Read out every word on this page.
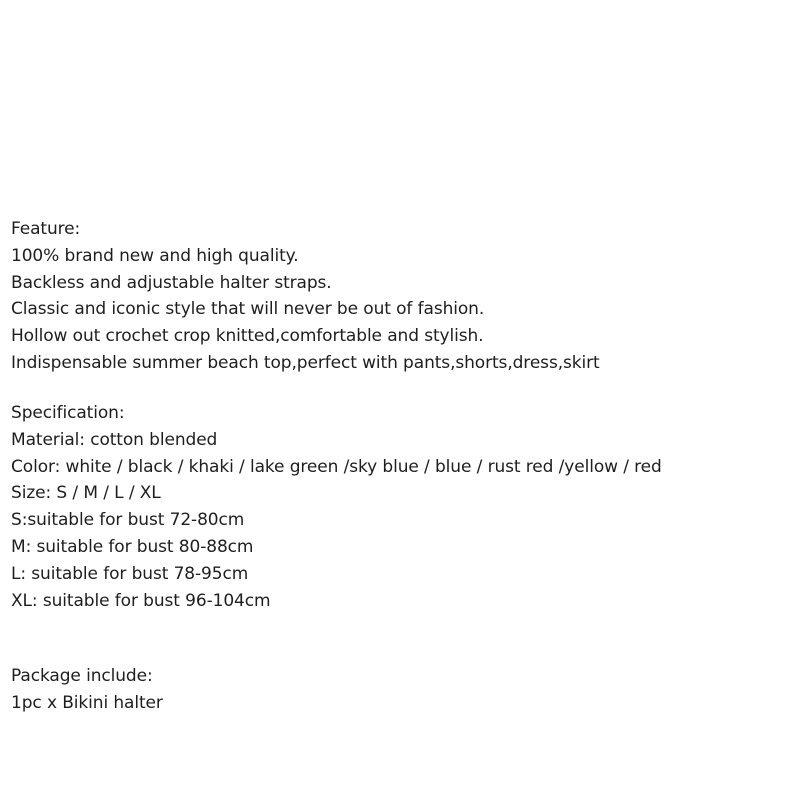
Feature:
100% brand new and high quality.
Backless and adjustable halter straps.
Classic and iconic style that will never be out of fashion.
Hollow out crochet crop knitted,comfortable and stylish.
Indispensable summer beach top,perfect with pants,shorts,dress,skirt
Specification:
Material: cotton blended
Color: white / black / khaki / lake green /sky blue / blue / rust red /yellow / red
Size: S / M / L / XL
S:suitable for bust 72-80cm
M: suitable for bust 80-88cm
L: suitable for bust 78-95cm
XL: suitable for bust 96-104cm
Package include:
1pc x Bikini halter
